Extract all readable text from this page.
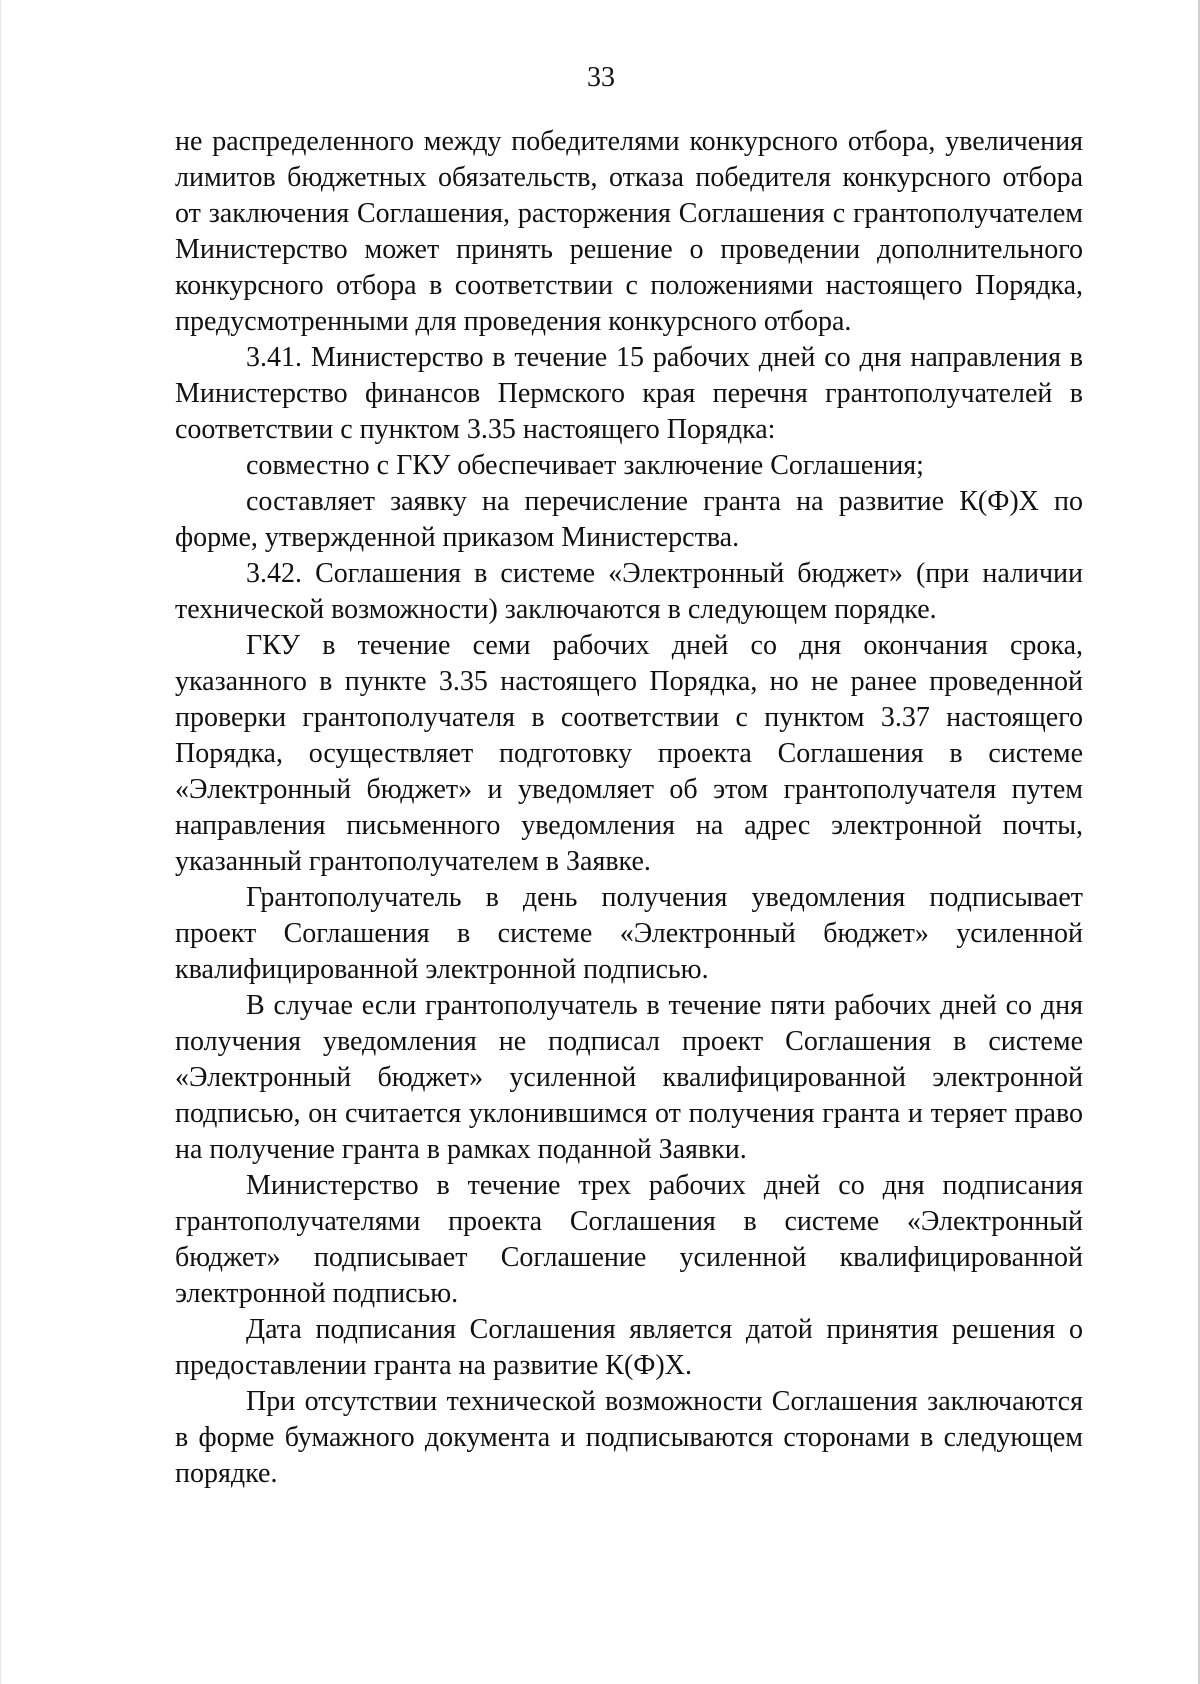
33

не распределенного между победителями конкурсного отбора, увеличения лимитов бюджетных обязательств, отказа победителя конкурсного отбора от заключения Соглашения, расторжения Соглашения с грантополучателем Министерство может принять решение о проведении дополнительного конкурсного отбора в соответствии с положениями настоящего Порядка, предусмотренными для проведения конкурсного отбора.

3.41. Министерство в течение 15 рабочих дней со дня направления в Министерство финансов Пермского края перечня грантополучателей в соответствии с пунктом 3.35 настоящего Порядка:

совместно с ГКУ обеспечивает заключение Соглашения;

составляет заявку на перечисление гранта на развитие К(Ф)Х по форме, утвержденной приказом Министерства.

3.42. Соглашения в системе «Электронный бюджет» (при наличии технической возможности) заключаются в следующем порядке.

ГКУ в течение семи рабочих дней со дня окончания срока, указанного в пункте 3.35 настоящего Порядка, но не ранее проведенной проверки грантополучателя в соответствии с пунктом 3.37 настоящего Порядка, осуществляет подготовку проекта Соглашения в системе «Электронный бюджет» и уведомляет об этом грантополучателя путем направления письменного уведомления на адрес электронной почты, указанный грантополучателем в Заявке.

Грантополучатель в день получения уведомления подписывает проект Соглашения в системе «Электронный бюджет» усиленной квалифицированной электронной подписью.

В случае если грантополучатель в течение пяти рабочих дней со дня получения уведомления не подписал проект Соглашения в системе «Электронный бюджет» усиленной квалифицированной электронной подписью, он считается уклонившимся от получения гранта и теряет право на получение гранта в рамках поданной Заявки.

Министерство в течение трех рабочих дней со дня подписания грантополучателями проекта Соглашения в системе «Электронный бюджет» подписывает Соглашение усиленной квалифицированной электронной подписью.

Дата подписания Соглашения является датой принятия решения о предоставлении гранта на развитие К(Ф)Х.

При отсутствии технической возможности Соглашения заключаются в форме бумажного документа и подписываются сторонами в следующем порядке.
